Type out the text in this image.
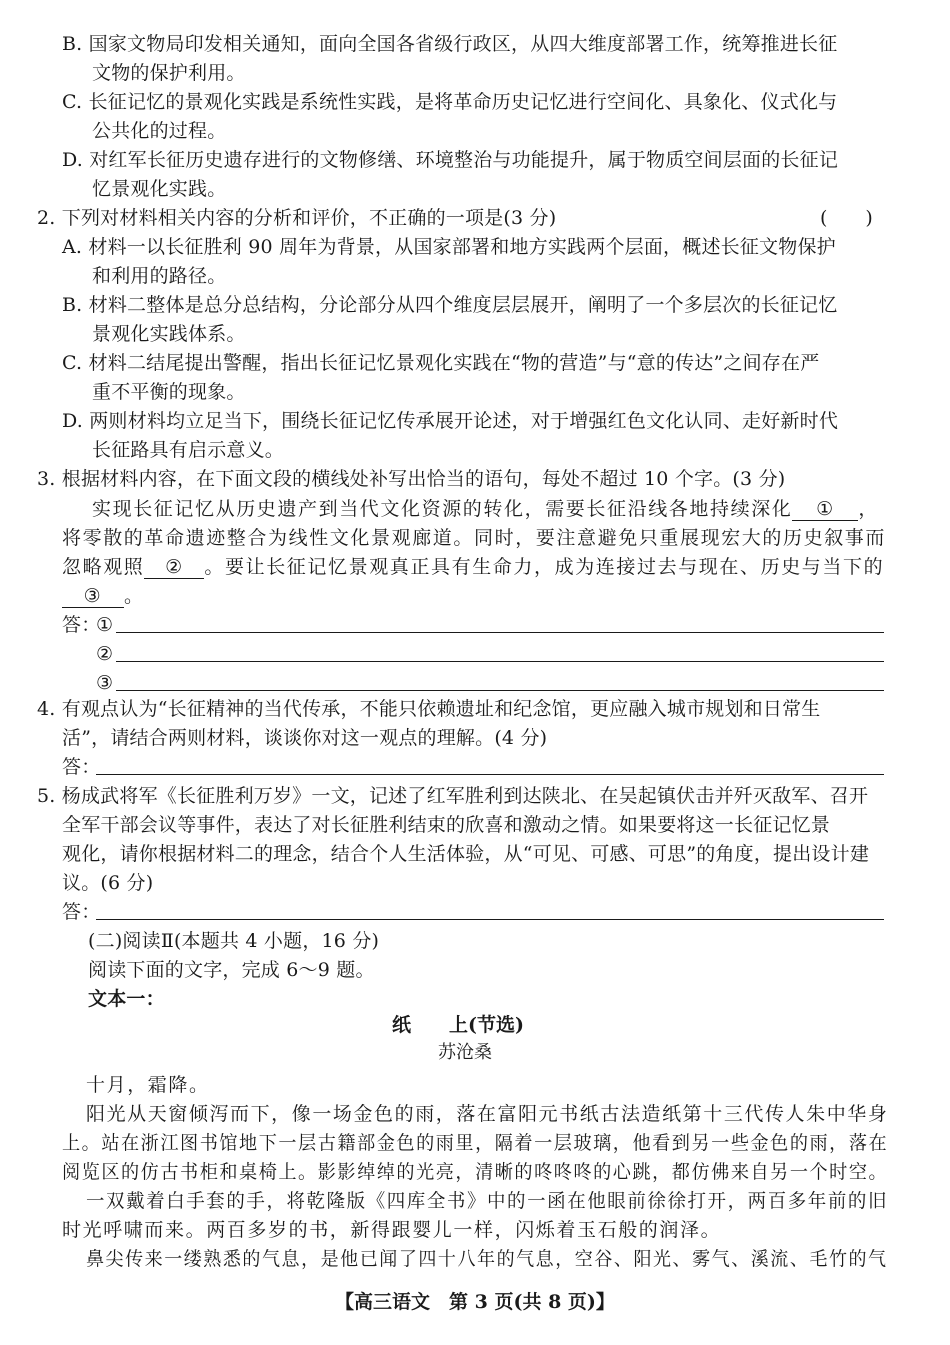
B. 国家文物局印发相关通知，面向全国各省级行政区，从四大维度部署工作，统筹推进长征
文物的保护利用。
C. 长征记忆的景观化实践是系统性实践，是将革命历史记忆进行空间化、具象化、仪式化与
公共化的过程。
D. 对红军长征历史遗存进行的文物修缮、环境整治与功能提升，属于物质空间层面的长征记
忆景观化实践。
2. 下列对材料相关内容的分析和评价，不正确的一项是(3 分)	(　　)
A. 材料一以长征胜利 90 周年为背景，从国家部署和地方实践两个层面，概述长征文物保护
和利用的路径。
B. 材料二整体是总分总结构，分论部分从四个维度层层展开，阐明了一个多层次的长征记忆
景观化实践体系。
C. 材料二结尾提出警醒，指出长征记忆景观化实践在“物的营造”与“意的传达”之间存在严
重不平衡的现象。
D. 两则材料均立足当下，围绕长征记忆传承展开论述，对于增强红色文化认同、走好新时代
长征路具有启示意义。
3. 根据材料内容，在下面文段的横线处补写出恰当的语句，每处不超过 10 个字。(3 分)
实现长征记忆从历史遗产到当代文化资源的转化，需要长征沿线各地持续深化 ① ，
将零散的革命遗迹整合为线性文化景观廊道。同时，要注意避免只重展现宏大的历史叙事而
忽略观照 ② 。要让长征记忆景观真正具有生命力，成为连接过去与现在、历史与当下的
③ 。
答：
①
②
③
4. 有观点认为“长征精神的当代传承，不能只依赖遗址和纪念馆，更应融入城市规划和日常生
活”，请结合两则材料，谈谈你对这一观点的理解。(4 分)
答：
5. 杨成武将军《长征胜利万岁》一文，记述了红军胜利到达陕北、在吴起镇伏击并歼灭敌军、召开
全军干部会议等事件，表达了对长征胜利结束的欣喜和激动之情。如果要将这一长征记忆景
观化，请你根据材料二的理念，结合个人生活体验，从“可见、可感、可思”的角度，提出设计建
议。(6 分)
答：
(二)阅读Ⅱ(本题共 4 小题，16 分)
阅读下面的文字，完成 6～9 题。
文本一：
纸　　上(节选)
苏沧桑
十月，霜降。
阳光从天窗倾泻而下，像一场金色的雨，落在富阳元书纸古法造纸第十三代传人朱中华身
上。站在浙江图书馆地下一层古籍部金色的雨里，隔着一层玻璃，他看到另一些金色的雨，落在
阅览区的仿古书柜和桌椅上。影影绰绰的光亮，清晰的咚咚咚的心跳，都仿佛来自另一个时空。
一双戴着白手套的手，将乾隆版《四库全书》中的一函在他眼前徐徐打开，两百多年前的旧
时光呼啸而来。两百多岁的书，新得跟婴儿一样，闪烁着玉石般的润泽。
鼻尖传来一缕熟悉的气息，是他已闻了四十八年的气息，空谷、阳光、雾气、溪流、毛竹的气
【高三语文　第 3 页(共 8 页)】
